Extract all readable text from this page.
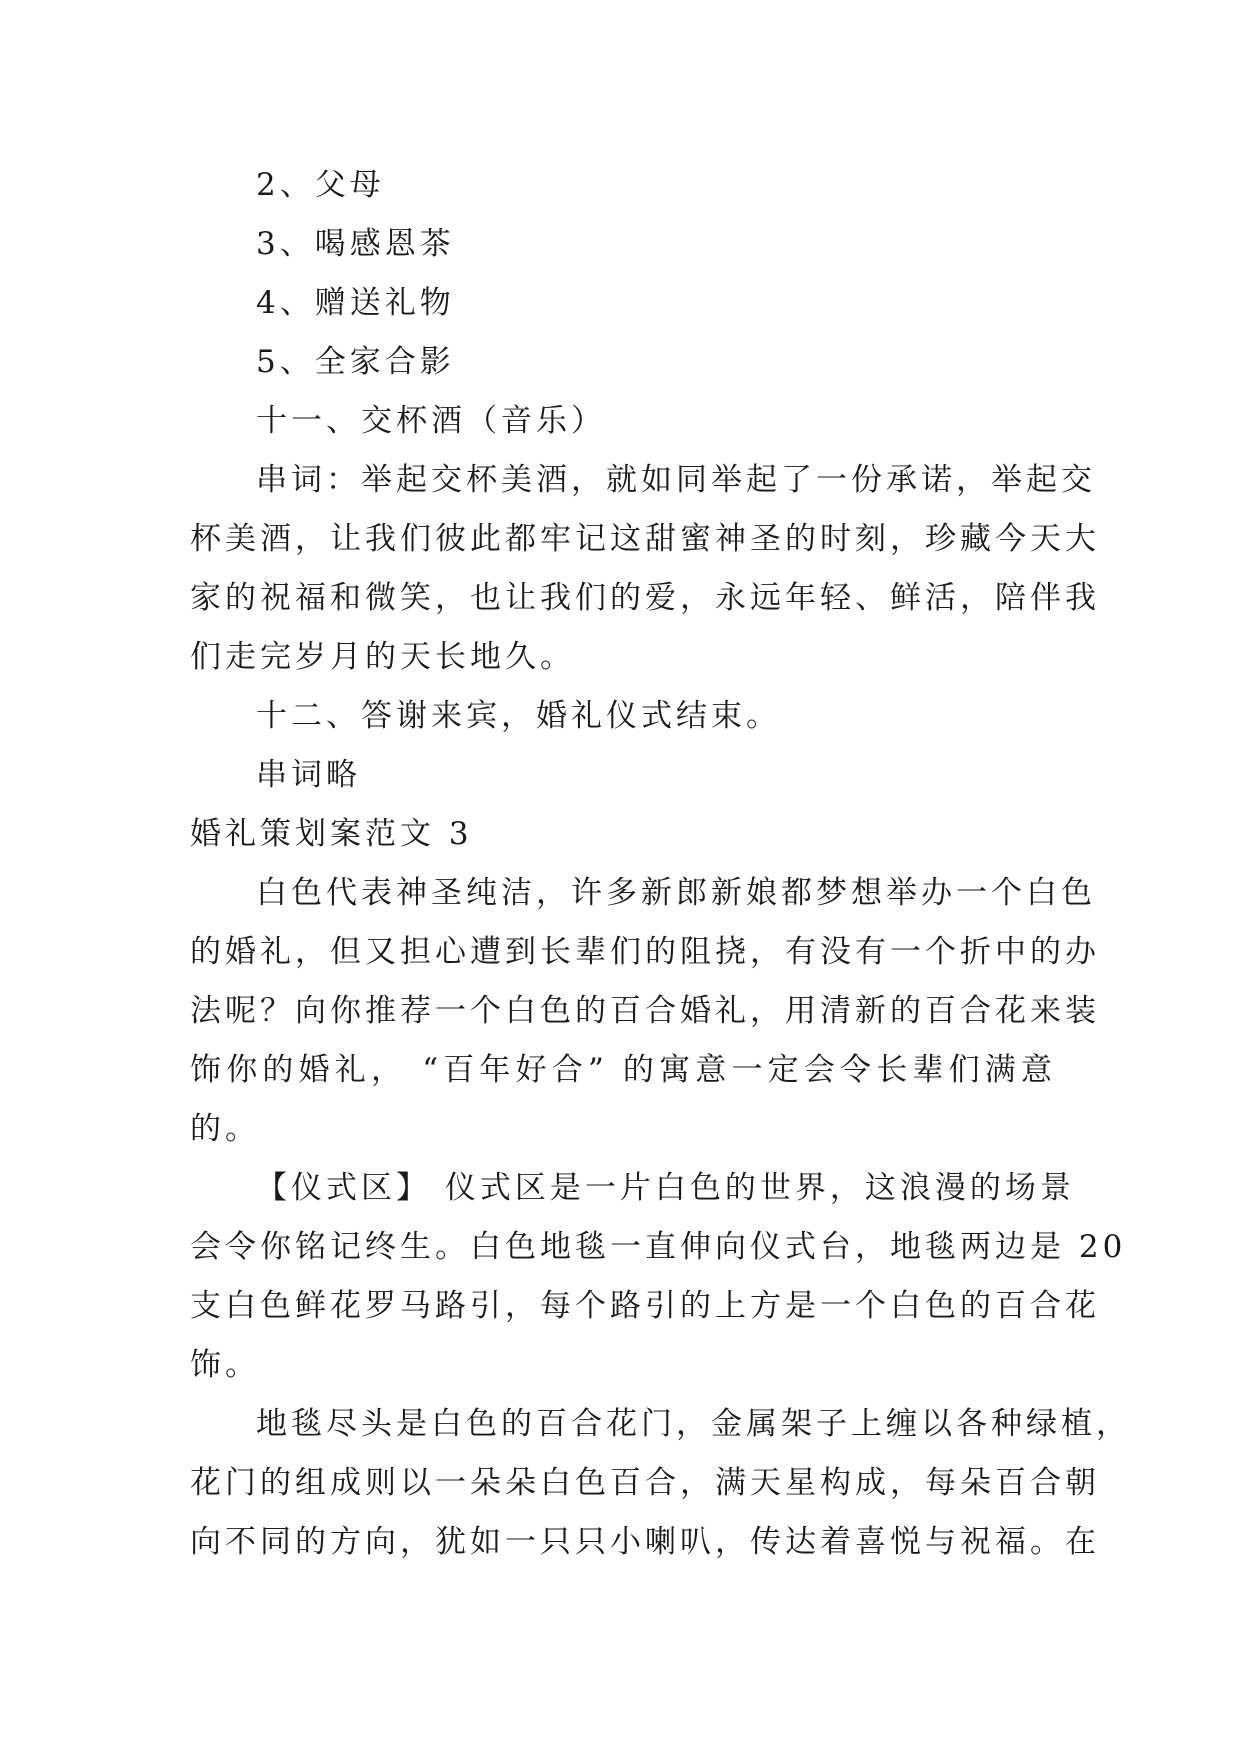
2、父母
3、喝感恩茶
4、赠送礼物
5、全家合影
十一、交杯酒（音乐）
串词：举起交杯美酒，就如同举起了一份承诺，举起交
杯美酒，让我们彼此都牢记这甜蜜神圣的时刻，珍藏今天大
家的祝福和微笑，也让我们的爱，永远年轻、鲜活，陪伴我
们走完岁月的天长地久。
十二、答谢来宾，婚礼仪式结束。
串词略
婚礼策划案范文 3
白色代表神圣纯洁，许多新郎新娘都梦想举办一个白色
的婚礼，但又担心遭到长辈们的阻挠，有没有一个折中的办
法呢？向你推荐一个白色的百合婚礼，用清新的百合花来装
饰你的婚礼， “百年好合” 的寓意一定会令长辈们满意
的。
【仪式区】 仪式区是一片白色的世界，这浪漫的场景
会令你铭记终生。白色地毯一直伸向仪式台，地毯两边是 20
支白色鲜花罗马路引，每个路引的上方是一个白色的百合花
饰。
地毯尽头是白色的百合花门，金属架子上缠以各种绿植，
花门的组成则以一朵朵白色百合，满天星构成，每朵百合朝
向不同的方向，犹如一只只小喇叭，传达着喜悦与祝福。在
